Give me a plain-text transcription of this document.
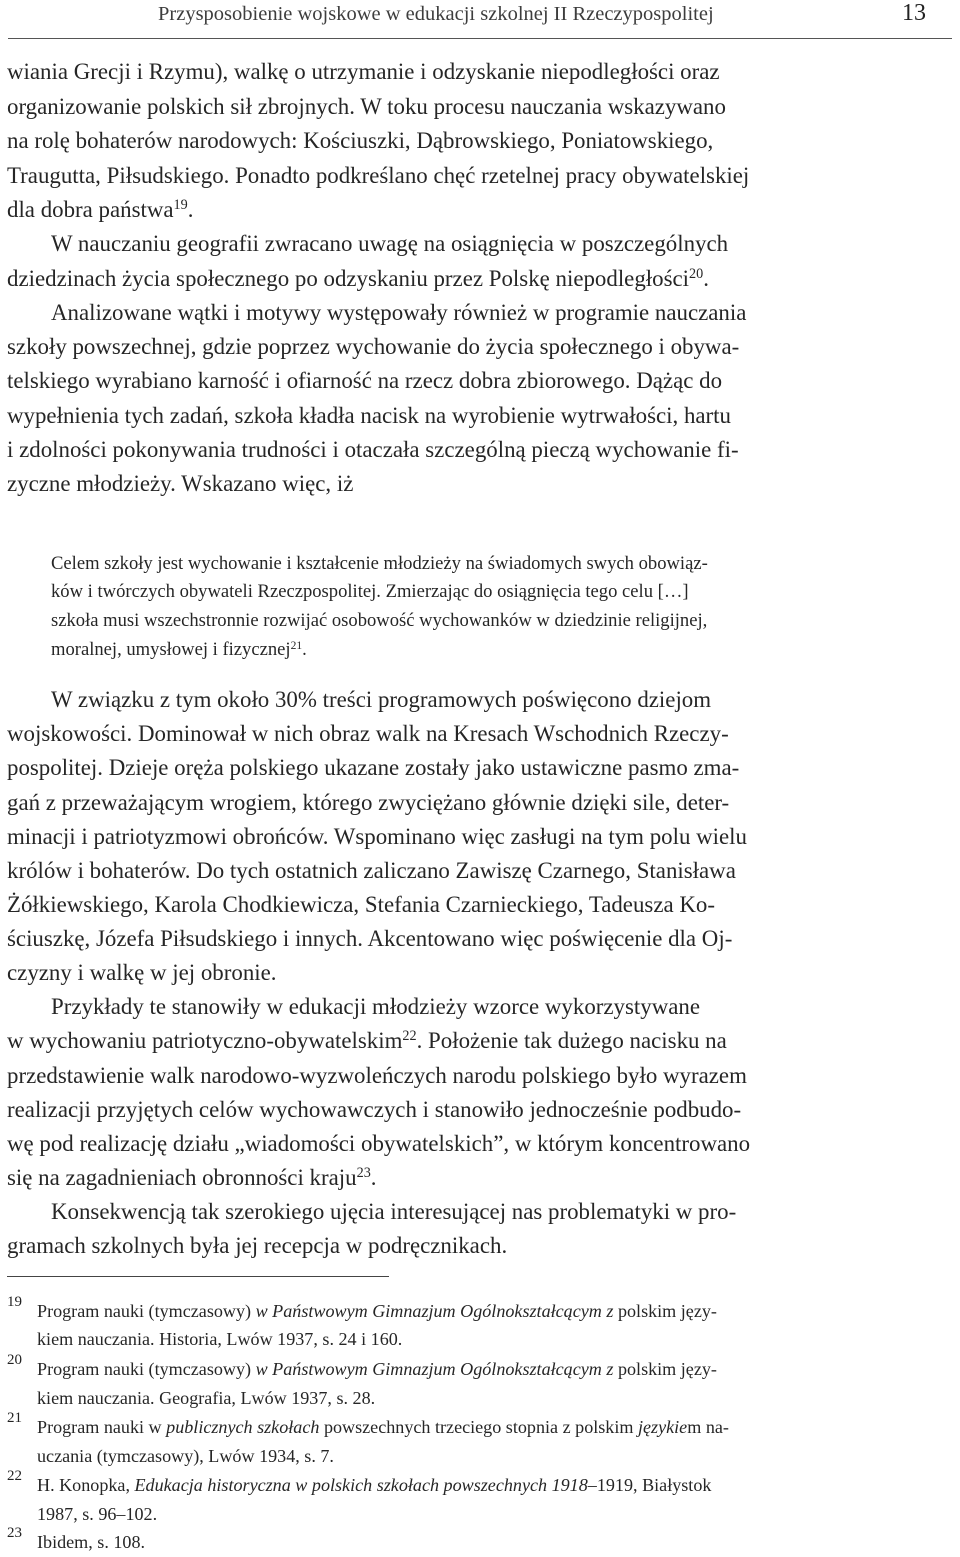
Przysposobienie wojskowe w edukacji szkolnej II Rzeczypospolitej	13
wiania Grecji i Rzymu), walkę o utrzymanie i odzyskanie niepodległości oraz
organizowanie polskich sił zbrojnych. W toku procesu nauczania wskazywano
na rolę bohaterów narodowych: Kościuszki, Dąbrowskiego, Poniatowskiego,
Traugutta, Piłsudskiego. Ponadto podkreślano chęć rzetelnej pracy obywatelskiej
dla dobra państwa$^{19}$.
W nauczaniu geografii zwracano uwagę na osiągnięcia w poszczególnych
dziedzinach życia społecznego po odzyskaniu przez Polskę niepodległości$^{20}$.
Analizowane wątki i motywy występowały również w programie nauczania
szkoły powszechnej, gdzie poprzez wychowanie do życia społecznego i obywa-
telskiego wyrabiano karność i ofiarność na rzecz dobra zbiorowego. Dążąc do
wypełnienia tych zadań, szkoła kładła nacisk na wyrobienie wytrwałości, hartu
i zdolności pokonywania trudności i otaczała szczególną pieczą wychowanie fi-
zyczne młodzieży. Wskazano więc, iż
Celem szkoły jest wychowanie i kształcenie młodzieży na świadomych swych obowiąz-
ków i twórczych obywateli Rzeczpospolitej. Zmierzając do osiągnięcia tego celu […]
szkoła musi wszechstronnie rozwijać osobowość wychowanków w dziedzinie religijnej,
moralnej, umysłowej i fizycznej$^{21}$.
W związku z tym około 30% treści programowych poświęcono dziejom
wojskowości. Dominował w nich obraz walk na Kresach Wschodnich Rzeczy-
pospolitej. Dzieje oręża polskiego ukazane zostały jako ustawiczne pasmo zma-
gań z przeważającym wrogiem, którego zwyciężano głównie dzięki sile, deter-
minacji i patriotyzmowi obrońców. Wspominano więc zasługi na tym polu wielu
królów i bohaterów. Do tych ostatnich zaliczano Zawiszę Czarnego, Stanisława
Żółkiewskiego, Karola Chodkiewicza, Stefania Czarnieckiego, Tadeusza Ko-
ściuszkę, Józefa Piłsudskiego i innych. Akcentowano więc poświęcenie dla Oj-
czyzny i walkę w jej obronie.
Przykłady te stanowiły w edukacji młodzieży wzorce wykorzystywane
w wychowaniu patriotyczno-obywatelskim$^{22}$. Położenie tak dużego nacisku na
przedstawienie walk narodowo-wyzwoleńczych narodu polskiego było wyrazem
realizacji przyjętych celów wychowawczych i stanowiło jednocześnie podbudo-
wę pod realizację działu „wiadomości obywatelskich”, w którym koncentrowano
się na zagadnieniach obronności kraju$^{23}$.
Konsekwencją tak szerokiego ujęcia interesującej nas problematyki w pro-
gramach szkolnych była jej recepcja w podręcznikach.
19 Program nauki (tymczasowy) w Państwowym Gimnazjum Ogólnokształcącym z polskim języ-
kiem nauczania. Historia, Lwów 1937, s. 24 i 160.
20 Program nauki (tymczasowy) w Państwowym Gimnazjum Ogólnokształcącym z polskim języ-
kiem nauczania. Geografia, Lwów 1937, s. 28.
21 Program nauki w publicznych szkołach powszechnych trzeciego stopnia z polskim językiem na-
uczania (tymczasowy), Lwów 1934, s. 7.
22 H. Konopka, Edukacja historyczna w polskich szkołach powszechnych 1918–1919, Białystok
1987, s. 96–102.
23 Ibidem, s. 108.
